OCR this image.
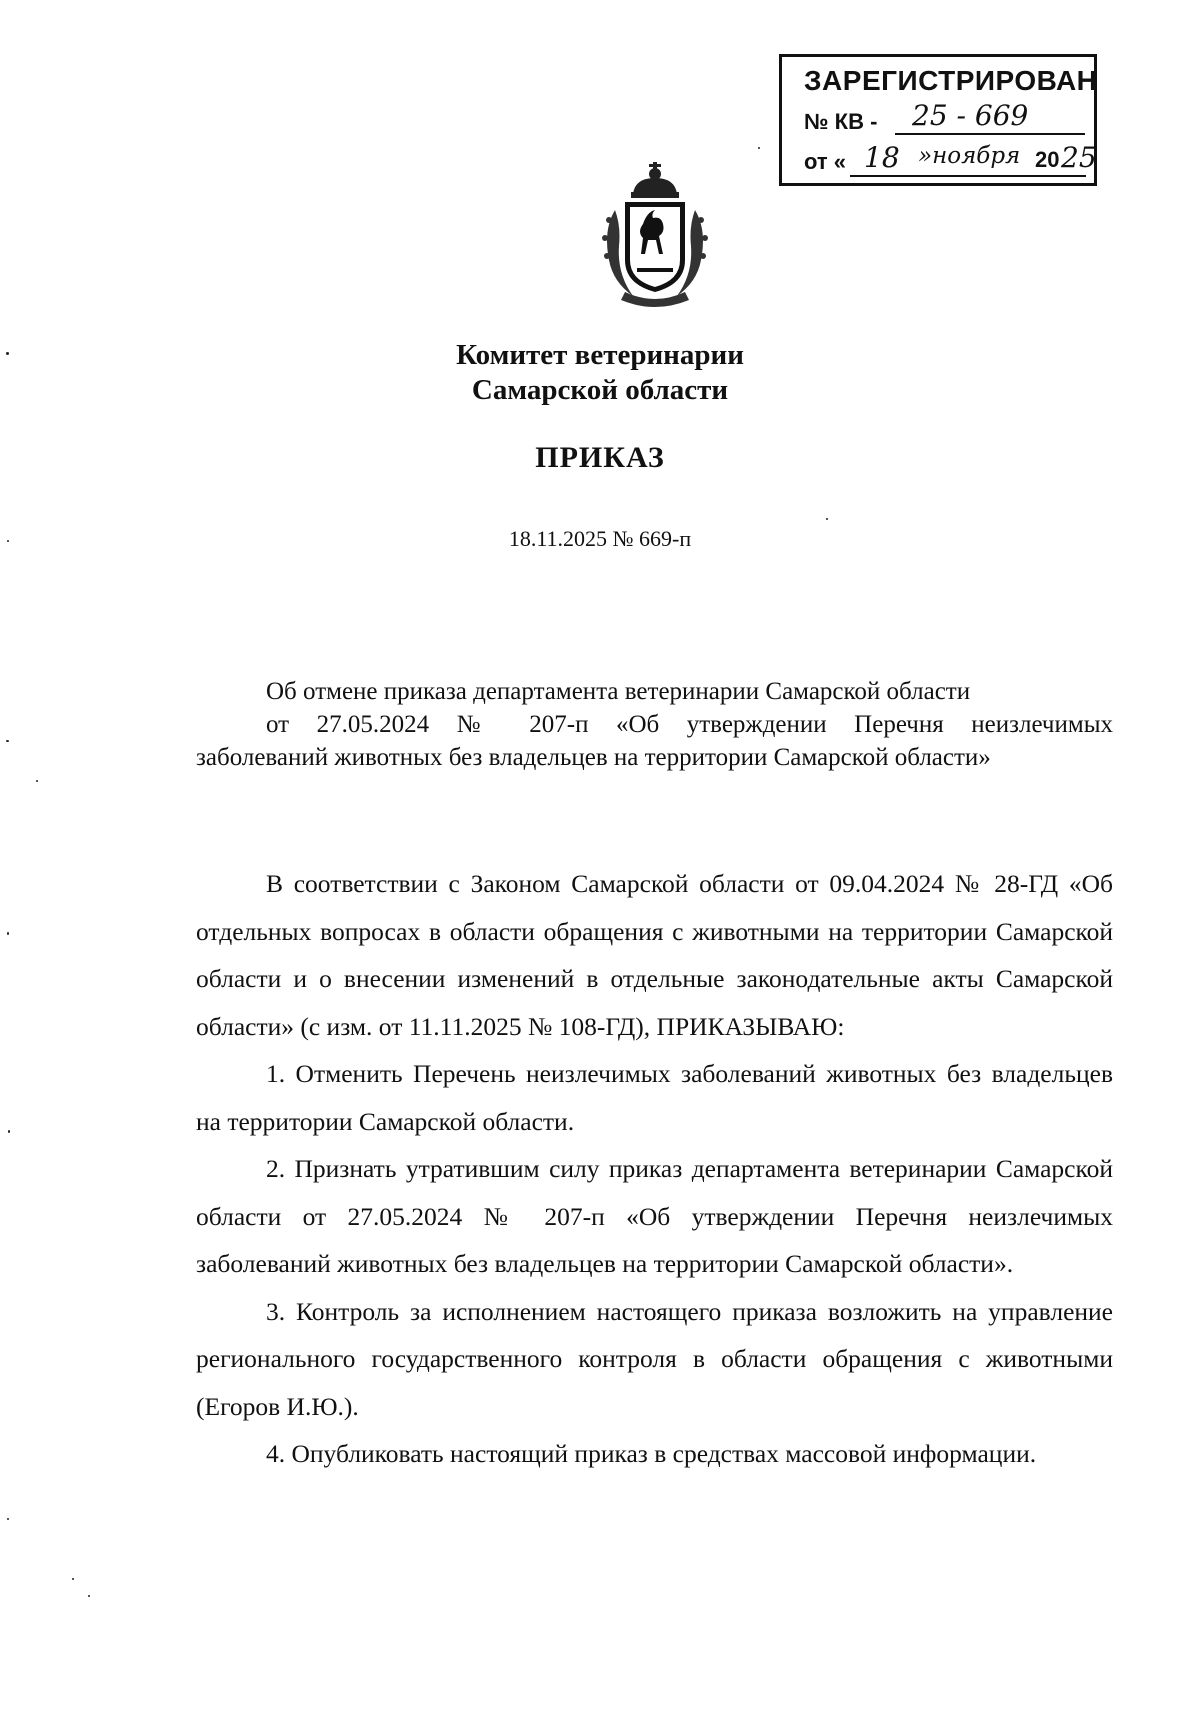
ЗАРЕГИСТРИРОВАН
№ КВ - 25 - 669
от « 18 »ноября 20 25
Комитет ветеринарии
Самарской области
ПРИКАЗ
18.11.2025 № 669-п
Об отмене приказа департамента ветеринарии Самарской области
от 27.05.2024 № 207-п «Об утверждении Перечня неизлечимых
заболеваний животных без владельцев на территории Самарской области»

В соответствии с Законом Самарской области от 09.04.2024 № 28-ГД «Об отдельных вопросах в области обращения с животными на территории Самарской области и о внесении изменений в отдельные законодательные акты Самарской области» (с изм. от 11.11.2025 № 108-ГД), ПРИКАЗЫВАЮ:

1. Отменить Перечень неизлечимых заболеваний животных без владельцев на территории Самарской области.

2. Признать утратившим силу приказ департамента ветеринарии Самарской области от 27.05.2024 № 207-п «Об утверждении Перечня неизлечимых заболеваний животных без владельцев на территории Самарской области».

3. Контроль за исполнением настоящего приказа возложить на управление регионального государственного контроля в области обращения с животными (Егоров И.Ю.).

4. Опубликовать настоящий приказ в средствах массовой информации.
